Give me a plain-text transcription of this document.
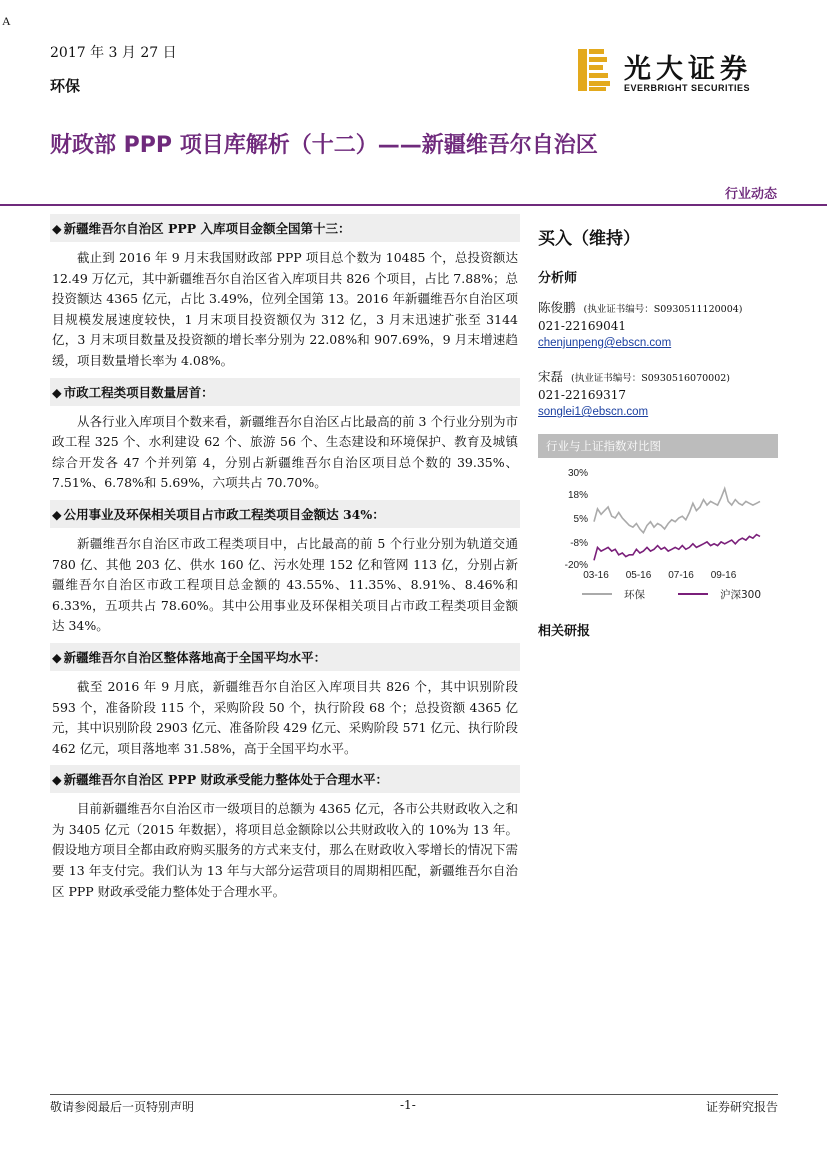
A
2017 年 3 月 27 日
环保
光大证券
EVERBRIGHT SECURITIES
财政部 PPP 项目库解析（十二）——新疆维吾尔自治区
行业动态
◆ 新疆维吾尔自治区 PPP 入库项目金额全国第十三：

截止到 2016 年 9 月末我国财政部 PPP 项目总个数为 10485 个，总投资额达 12.49 万亿元，其中新疆维吾尔自治区省入库项目共 826 个项目，占比 7.88%；总投资额达 4365 亿元，占比 3.49%，位列全国第 13。2016 年新疆维吾尔自治区项目规模发展速度较快，1 月末项目投资额仅为 312 亿，3 月末迅速扩张至 3144 亿，3 月末项目数量及投资额的增长率分别为 22.08%和 907.69%，9 月末增速趋缓，项目数量增长率为 4.08%。

◆ 市政工程类项目数量居首：

从各行业入库项目个数来看，新疆维吾尔自治区占比最高的前 3 个行业分别为市政工程 325 个、水利建设 62 个、旅游 56 个、生态建设和环境保护、教育及城镇综合开发各 47 个并列第 4，分别占新疆维吾尔自治区项目总个数的 39.35%、7.51%、6.78%和 5.69%，六项共占 70.70%。

◆ 公用事业及环保相关项目占市政工程类项目金额达 34%：

新疆维吾尔自治区市政工程类项目中，占比最高的前 5 个行业分别为轨道交通 780 亿、其他 203 亿、供水 160 亿、污水处理 152 亿和管网 113 亿，分别占新疆维吾尔自治区市政工程项目总金额的 43.55%、11.35%、8.91%、8.46%和 6.33%，五项共占 78.60%。其中公用事业及环保相关项目占市政工程类项目金额达 34%。

◆ 新疆维吾尔自治区整体落地高于全国平均水平：

截至 2016 年 9 月底，新疆维吾尔自治区入库项目共 826 个，其中识别阶段 593 个，准备阶段 115 个，采购阶段 50 个，执行阶段 68 个；总投资额 4365 亿元，其中识别阶段 2903 亿元、准备阶段 429 亿元、采购阶段 571 亿元、执行阶段 462 亿元，项目落地率 31.58%，高于全国平均水平。

◆ 新疆维吾尔自治区 PPP 财政承受能力整体处于合理水平：

目前新疆维吾尔自治区市一级项目的总额为 4365 亿元，各市公共财政收入之和为 3405 亿元（2015 年数据），将项目总金额除以公共财政收入的 10%为 13 年。假设地方项目全都由政府购买服务的方式来支付，那么在财政收入零增长的情况下需要 13 年支付完。我们认为 13 年与大部分运营项目的周期相匹配，新疆维吾尔自治区 PPP 财政承受能力整体处于合理水平。

买入（维持）
分析师
陈俊鹏 (执业证书编号：S0930511120004)
021-22169041
chenjunpeng@ebscn.com
宋磊 (执业证书编号：S0930516070002)
021-22169317
songlei1@ebscn.com
行业与上证指数对比图
30%
18%
5%
-8%
-20%
03-16 05-16 07-16 09-16
环保	沪深300
相关研报
敬请参阅最后一页特别声明	-1-	证券研究报告
